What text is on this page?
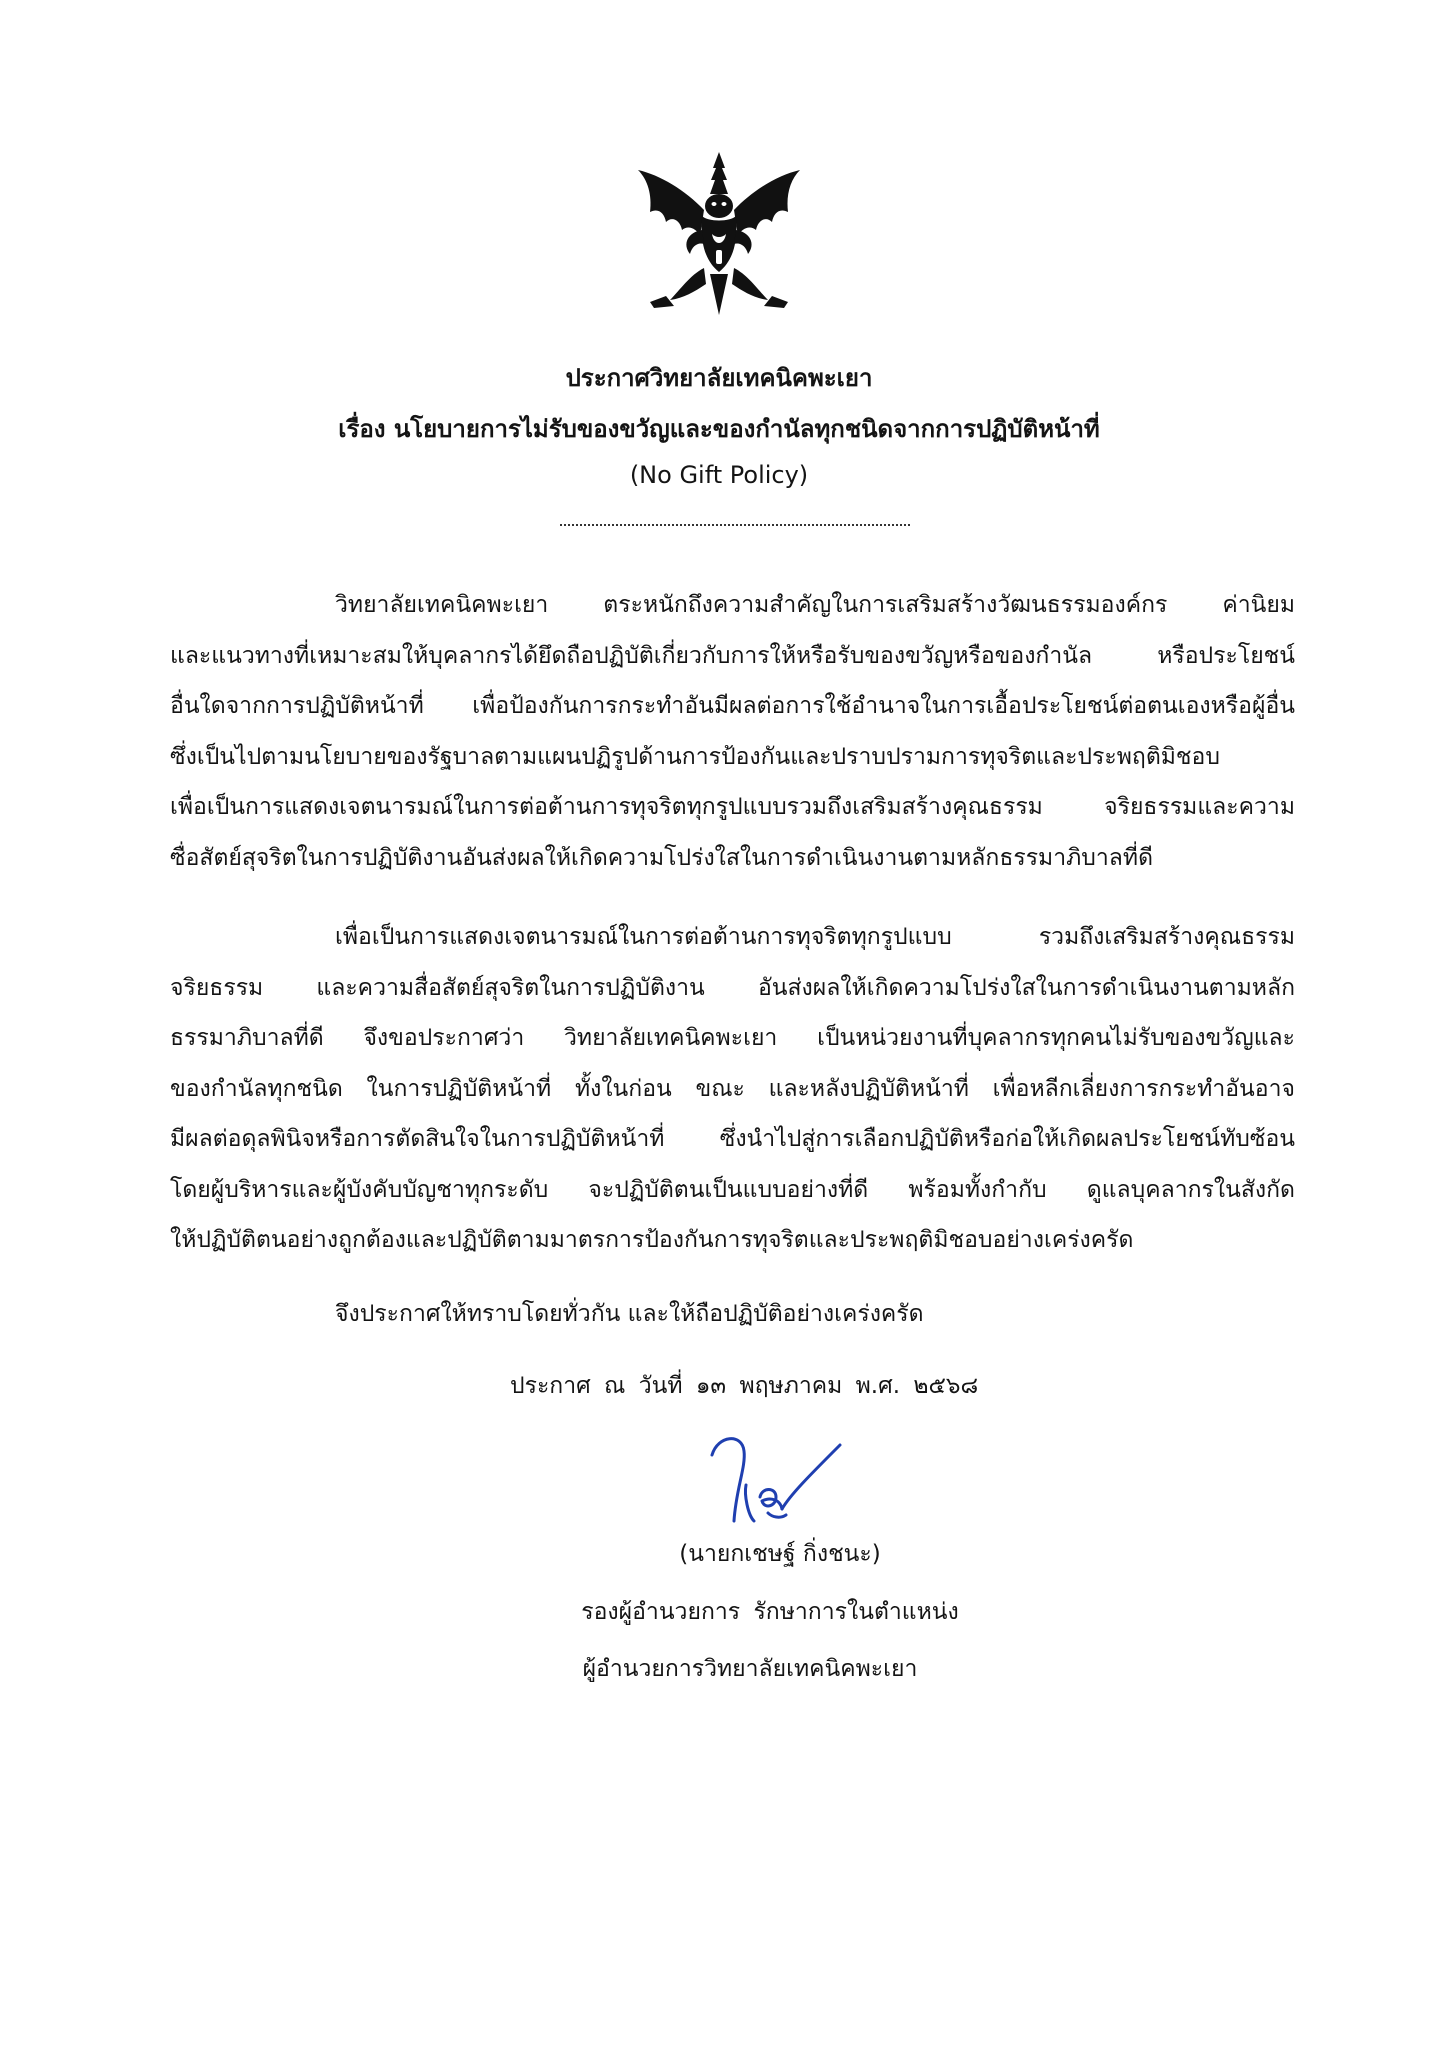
ประกาศวิทยาลัยเทคนิคพะเยา
เรื่อง นโยบายการไม่รับของขวัญและของกำนัลทุกชนิดจากการปฏิบัติหน้าที่
(No Gift Policy)
วิทยาลัยเทคนิคพะเยา ตระหนักถึงความสำคัญในการเสริมสร้างวัฒนธรรมองค์กร ค่านิยม
และแนวทางที่เหมาะสมให้บุคลากรได้ยึดถือปฏิบัติเกี่ยวกับการให้หรือรับของขวัญหรือของกำนัล หรือประโยชน์
อื่นใดจากการปฏิบัติหน้าที่ เพื่อป้องกันการกระทำอันมีผลต่อการใช้อำนาจในการเอื้อประโยชน์ต่อตนเองหรือผู้อื่น
ซึ่งเป็นไปตามนโยบายของรัฐบาลตามแผนปฏิรูปด้านการป้องกันและปราบปรามการทุจริตและประพฤติมิชอบ
เพื่อเป็นการแสดงเจตนารมณ์ในการต่อต้านการทุจริตทุกรูปแบบรวมถึงเสริมสร้างคุณธรรม จริยธรรมและความ
ซื่อสัตย์สุจริตในการปฏิบัติงานอันส่งผลให้เกิดความโปร่งใสในการดำเนินงานตามหลักธรรมาภิบาลที่ดี
เพื่อเป็นการแสดงเจตนารมณ์ในการต่อต้านการทุจริตทุกรูปแบบ รวมถึงเสริมสร้างคุณธรรม
จริยธรรม และความสื่อสัตย์สุจริตในการปฏิบัติงาน อันส่งผลให้เกิดความโปร่งใสในการดำเนินงานตามหลัก
ธรรมาภิบาลที่ดี จึงขอประกาศว่า วิทยาลัยเทคนิคพะเยา เป็นหน่วยงานที่บุคลากรทุกคนไม่รับของขวัญและ
ของกำนัลทุกชนิด ในการปฏิบัติหน้าที่ ทั้งในก่อน ขณะ และหลังปฏิบัติหน้าที่ เพื่อหลีกเลี่ยงการกระทำอันอาจ
มีผลต่อดุลพินิจหรือการตัดสินใจในการปฏิบัติหน้าที่ ซึ่งนำไปสู่การเลือกปฏิบัติหรือก่อให้เกิดผลประโยชน์ทับซ้อน
โดยผู้บริหารและผู้บังคับบัญชาทุกระดับ จะปฏิบัติตนเป็นแบบอย่างที่ดี พร้อมทั้งกำกับ ดูแลบุคลากรในสังกัด
ให้ปฏิบัติตนอย่างถูกต้องและปฏิบัติตามมาตรการป้องกันการทุจริตและประพฤติมิชอบอย่างเคร่งครัด
จึงประกาศให้ทราบโดยทั่วกัน และให้ถือปฏิบัติอย่างเคร่งครัด
ประกาศ ณ วันที่ ๑๓ พฤษภาคม พ.ศ. ๒๕๖๘
(นายกเชษฐ์ กิ่งชนะ)
รองผู้อำนวยการ รักษาการในตำแหน่ง
ผู้อำนวยการวิทยาลัยเทคนิคพะเยา
